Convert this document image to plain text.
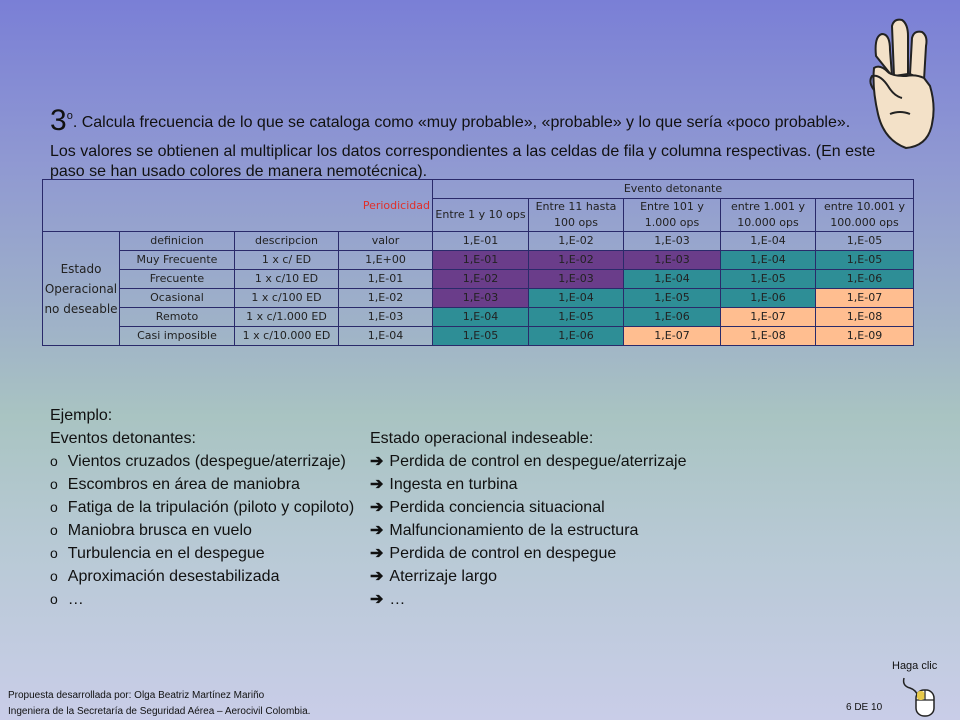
3$^o$. Calcula frecuencia de lo que se cataloga como «muy probable», «probable» y lo que sería «poco probable».
Los valores se obtienen al multiplicar los datos correspondientes a las celdas de fila y columna respectivas. (En este paso se han usado colores de manera nemotécnica).
Periodicidad				Evento detonante				
				Entre 1 y 10 ops	Entre 11 hasta 100 ops	Entre 101 y 1.000 ops	entre 1.001 y 10.000 ops	entre 10.001 y 100.000 ops

Estado Operacional no deseable	definicion	descripcion	valor	1,E-01	1,E-02	1,E-03	1,E-04	1,E-05
	Muy Frecuente	1 x c/ ED	1,E+00	1,E-01	1,E-02	1,E-03	1,E-04	1,E-05
	Frecuente	1 x c/10 ED	1,E-01	1,E-02	1,E-03	1,E-04	1,E-05	1,E-06
	Ocasional	1 x c/100 ED	1,E-02	1,E-03	1,E-04	1,E-05	1,E-06	1,E-07
	Remoto	1 x c/1.000 ED	1,E-03	1,E-04	1,E-05	1,E-06	1,E-07	1,E-08
	Casi imposible	1 x c/10.000 ED	1,E-04	1,E-05	1,E-06	1,E-07	1,E-08	1,E-09
Ejemplo:
Eventos detonantes:	Estado operacional indeseable:
o Vientos cruzados (despegue/aterrizaje) ➔ Perdida de control en despegue/aterrizaje
o Escombros en área de maniobra	➔ Ingesta en turbina
o Fatiga de la tripulación (piloto y copiloto) ➔ Perdida conciencia situacional
o Maniobra brusca en vuelo	➔ Malfuncionamiento de la estructura
o Turbulencia en el despegue	➔ Perdida de control en despegue
o Aproximación desestabilizada	➔ Aterrizaje largo
o …	➔ …
Propuesta desarrollada por: Olga Beatriz Martínez Mariño
Ingeniera de la Secretaría de Seguridad Aérea – Aerocivil Colombia.	6 DE 10
Haga clic
